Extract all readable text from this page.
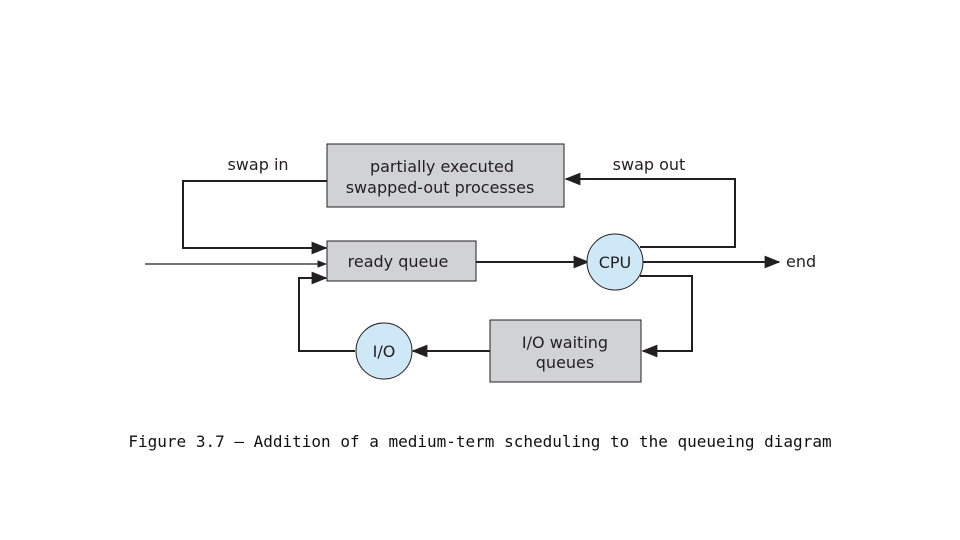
partially executed
swapped-out processes
ready queue
I/O waiting
queues
CPU
I/O
swap in	swap out
end
Figure 3.7 – Addition of a medium-term scheduling to the queueing diagram
